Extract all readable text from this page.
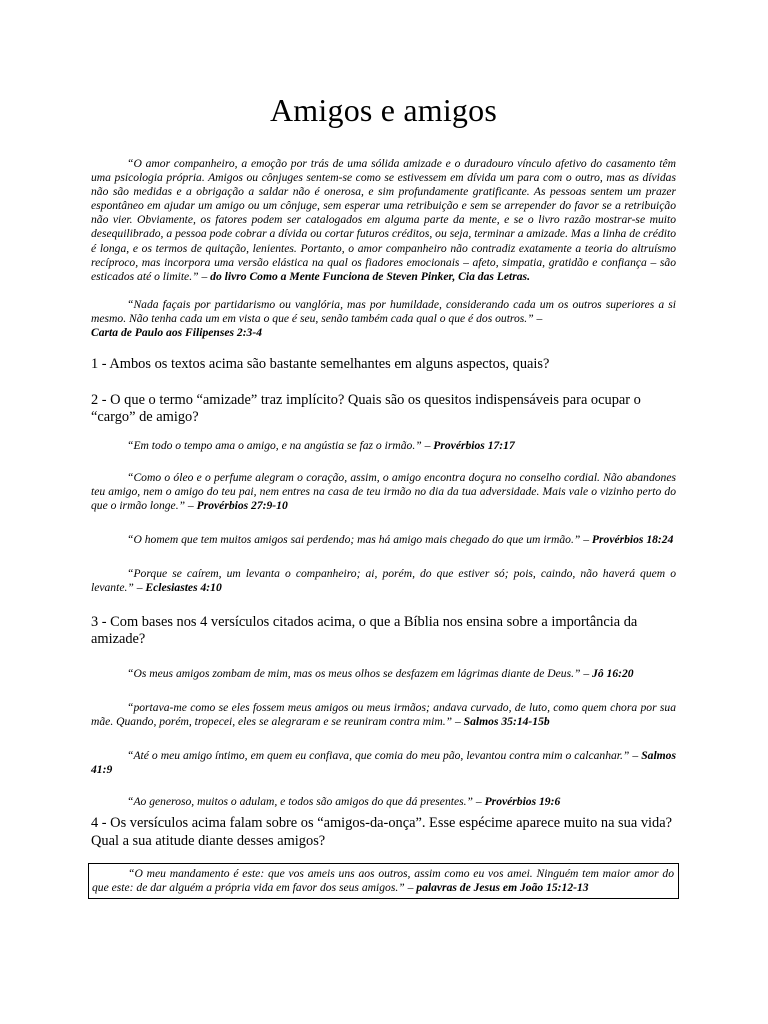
Amigos e amigos

“O amor companheiro, a emoção por trás de uma sólida amizade e o duradouro vínculo afetivo do casamento têm uma psicologia própria. Amigos ou cônjuges sentem-se como se estivessem em dívida um para com o outro, mas as dívidas não são medidas e a obrigação a saldar não é onerosa, e sim profundamente gratificante. As pessoas sentem um prazer espontâneo em ajudar um amigo ou um cônjuge, sem esperar uma retribuição e sem se arrepender do favor se a retribuição não vier. Obviamente, os fatores podem ser catalogados em alguma parte da mente, e se o livro razão mostrar-se muito desequilibrado, a pessoa pode cobrar a dívida ou cortar futuros créditos, ou seja, terminar a amizade. Mas a linha de crédito é longa, e os termos de quitação, lenientes. Portanto, o amor companheiro não contradiz exatamente a teoria do altruísmo recíproco, mas incorpora uma versão elástica na qual os fiadores emocionais – afeto, simpatia, gratidão e confiança – são esticados até o limite.” – do livro Como a Mente Funciona de Steven Pinker, Cia das Letras.

“Nada façais por partidarismo ou vanglória, mas por humildade, considerando cada um os outros superiores a si mesmo. Não tenha cada um em vista o que é seu, senão também cada qual o que é dos outros.” –
Carta de Paulo aos Filipenses 2:3-4

1 - Ambos os textos acima são bastante semelhantes em alguns aspectos, quais?

2 - O que o termo “amizade” traz implícito? Quais são os quesitos indispensáveis para ocupar o “cargo” de amigo?

“Em todo o tempo ama o amigo, e na angústia se faz o irmão.” – Provérbios 17:17

“Como o óleo e o perfume alegram o coração, assim, o amigo encontra doçura no conselho cordial. Não abandones teu amigo, nem o amigo do teu pai, nem entres na casa de teu irmão no dia da tua adversidade. Mais vale o vizinho perto do que o irmão longe.” – Provérbios 27:9-10

“O homem que tem muitos amigos sai perdendo; mas há amigo mais chegado do que um irmão.” – Provérbios 18:24

“Porque se caírem, um levanta o companheiro; ai, porém, do que estiver só; pois, caindo, não haverá quem o levante.” – Eclesiastes 4:10

3 - Com bases nos 4 versículos citados acima, o que a Bíblia nos ensina sobre a importância da amizade?

“Os meus amigos zombam de mim, mas os meus olhos se desfazem em lágrimas diante de Deus.” – Jô 16:20

“portava-me como se eles fossem meus amigos ou meus irmãos; andava curvado, de luto, como quem chora por sua mãe. Quando, porém, tropecei, eles se alegraram e se reuniram contra mim.” – Salmos 35:14-15b

“Até o meu amigo íntimo, em quem eu confiava, que comia do meu pão, levantou contra mim o calcanhar.” – Salmos 41:9

“Ao generoso, muitos o adulam, e todos são amigos do que dá presentes.” – Provérbios 19:6

4 - Os versículos acima falam sobre os “amigos-da-onça”. Esse espécime aparece muito na sua vida? Qual a sua atitude diante desses amigos?

“O meu mandamento é este: que vos ameis uns aos outros, assim como eu vos amei. Ninguém tem maior amor do que este: de dar alguém a própria vida em favor dos seus amigos.” – palavras de Jesus em João 15:12-13
